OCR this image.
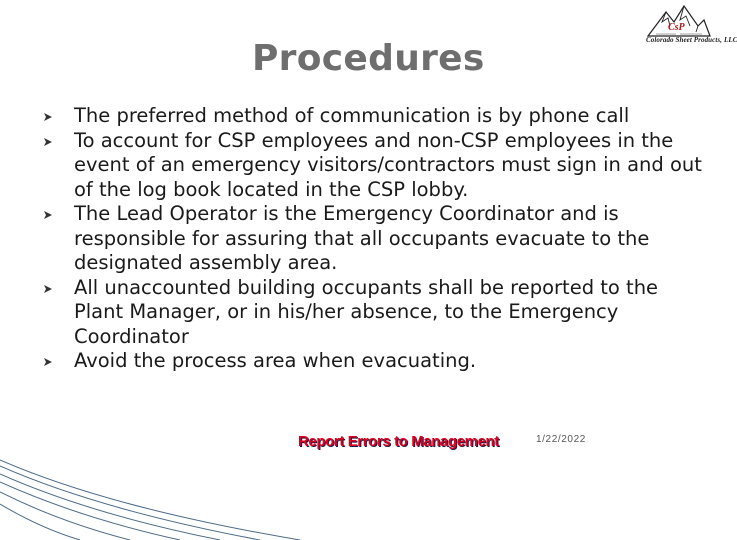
CsP
Colorado Sheet Products, LLC
Procedures
The preferred method of communication is by phone call
To account for CSP employees and non-CSP employees in the event of an emergency visitors/contractors must sign in and out of the log book located in the CSP lobby.
The Lead Operator is the Emergency Coordinator and is responsible for assuring that all occupants evacuate to the designated assembly area.
All unaccounted building occupants shall be reported to the Plant Manager, or in his/her absence, to the Emergency Coordinator
Avoid the process area when evacuating.
Report Errors to Management	1/22/2022
